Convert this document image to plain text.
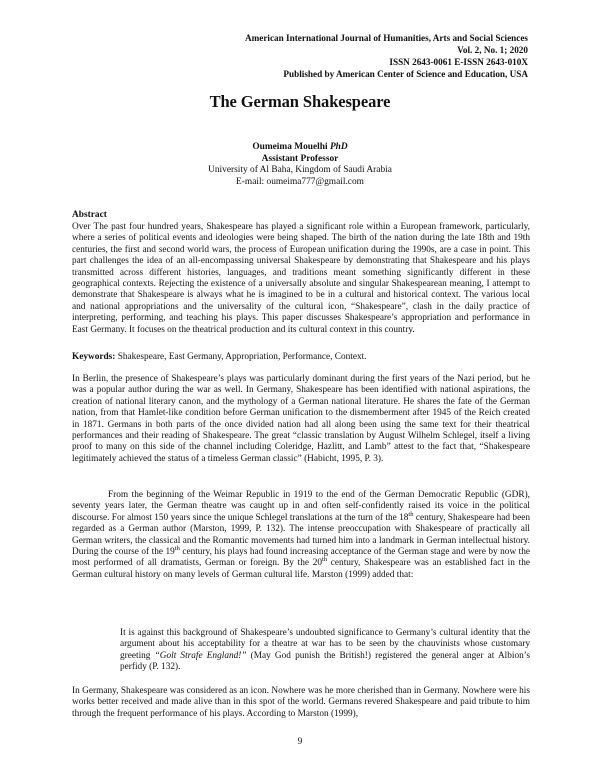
American International Journal of Humanities, Arts and Social Sciences
Vol. 2, No. 1; 2020
ISSN 2643-0061 E-ISSN 2643-010X
Published by American Center of Science and Education, USA
The German Shakespeare
Oumeima Mouelhi PhD
Assistant Professor
University of Al Baha, Kingdom of Saudi Arabia
E-mail: oumeima777@gmail.com
Abstract
Over The past four hundred years, Shakespeare has played a significant role within a European framework, particularly, where a series of political events and ideologies were being shaped. The birth of the nation during the late 18th and 19th centuries, the first and second world wars, the process of European unification during the 1990s, are a case in point. This part challenges the idea of an all-encompassing universal Shakespeare by demonstrating that Shakespeare and his plays transmitted across different histories, languages, and traditions meant something significantly different in these geographical contexts. Rejecting the existence of a universally absolute and singular Shakespearean meaning, I attempt to demonstrate that Shakespeare is always what he is imagined to be in a cultural and historical context. The various local and national appropriations and the universality of the cultural icon, “Shakespeare”, clash in the daily practice of interpreting, performing, and teaching his plays. This paper discusses Shakespeare’s appropriation and performance in East Germany. It focuses on the theatrical production and its cultural context in this country.
Keywords: Shakespeare, East Germany, Appropriation, Performance, Context.
In Berlin, the presence of Shakespeare’s plays was particularly dominant during the first years of the Nazi period, but he was a popular author during the war as well. In Germany, Shakespeare has been identified with national aspirations, the creation of national literary canon, and the mythology of a German national literature. He shares the fate of the German nation, from that Hamlet-like condition before German unification to the dismemberment after 1945 of the Reich created in 1871. Germans in both parts of the once divided nation had all along been using the same text for their theatrical performances and their reading of Shakespeare. The great “classic translation by August Wilhelm Schlegel, itself a living proof to many on this side of the channel including Coleridge, Hazlitt, and Lamb” attest to the fact that, “Shakespeare legitimately achieved the status of a timeless German classic” (Habicht, 1995, P. 3).
From the beginning of the Weimar Republic in 1919 to the end of the German Democratic Republic (GDR), seventy years later, the German theatre was caught up in and often self-confidently raised its voice in the political discourse. For almost 150 years since the unique Schlegel translations at the turn of the 18th century, Shakespeare had been regarded as a German author (Marston, 1999, P. 132). The intense preoccupation with Shakespeare of practically all German writers, the classical and the Romantic movements had turned him into a landmark in German intellectual history. During the course of the 19th century, his plays had found increasing acceptance of the German stage and were by now the most performed of all dramatists, German or foreign. By the 20th century, Shakespeare was an established fact in the German cultural history on many levels of German cultural life. Marston (1999) added that:
It is against this background of Shakespeare’s undoubted significance to Germany’s cultural identity that the argument about his acceptability for a theatre at war has to be seen by the chauvinists whose customary greeting “Golt Strafe England!” (May God punish the British!) registered the general anger at Albion’s perfidy (P. 132).
In Germany, Shakespeare was considered as an icon. Nowhere was he more cherished than in Germany. Nowhere were his works better received and made alive than in this spot of the world. Germans revered Shakespeare and paid tribute to him through the frequent performance of his plays. According to Marston (1999),
9
